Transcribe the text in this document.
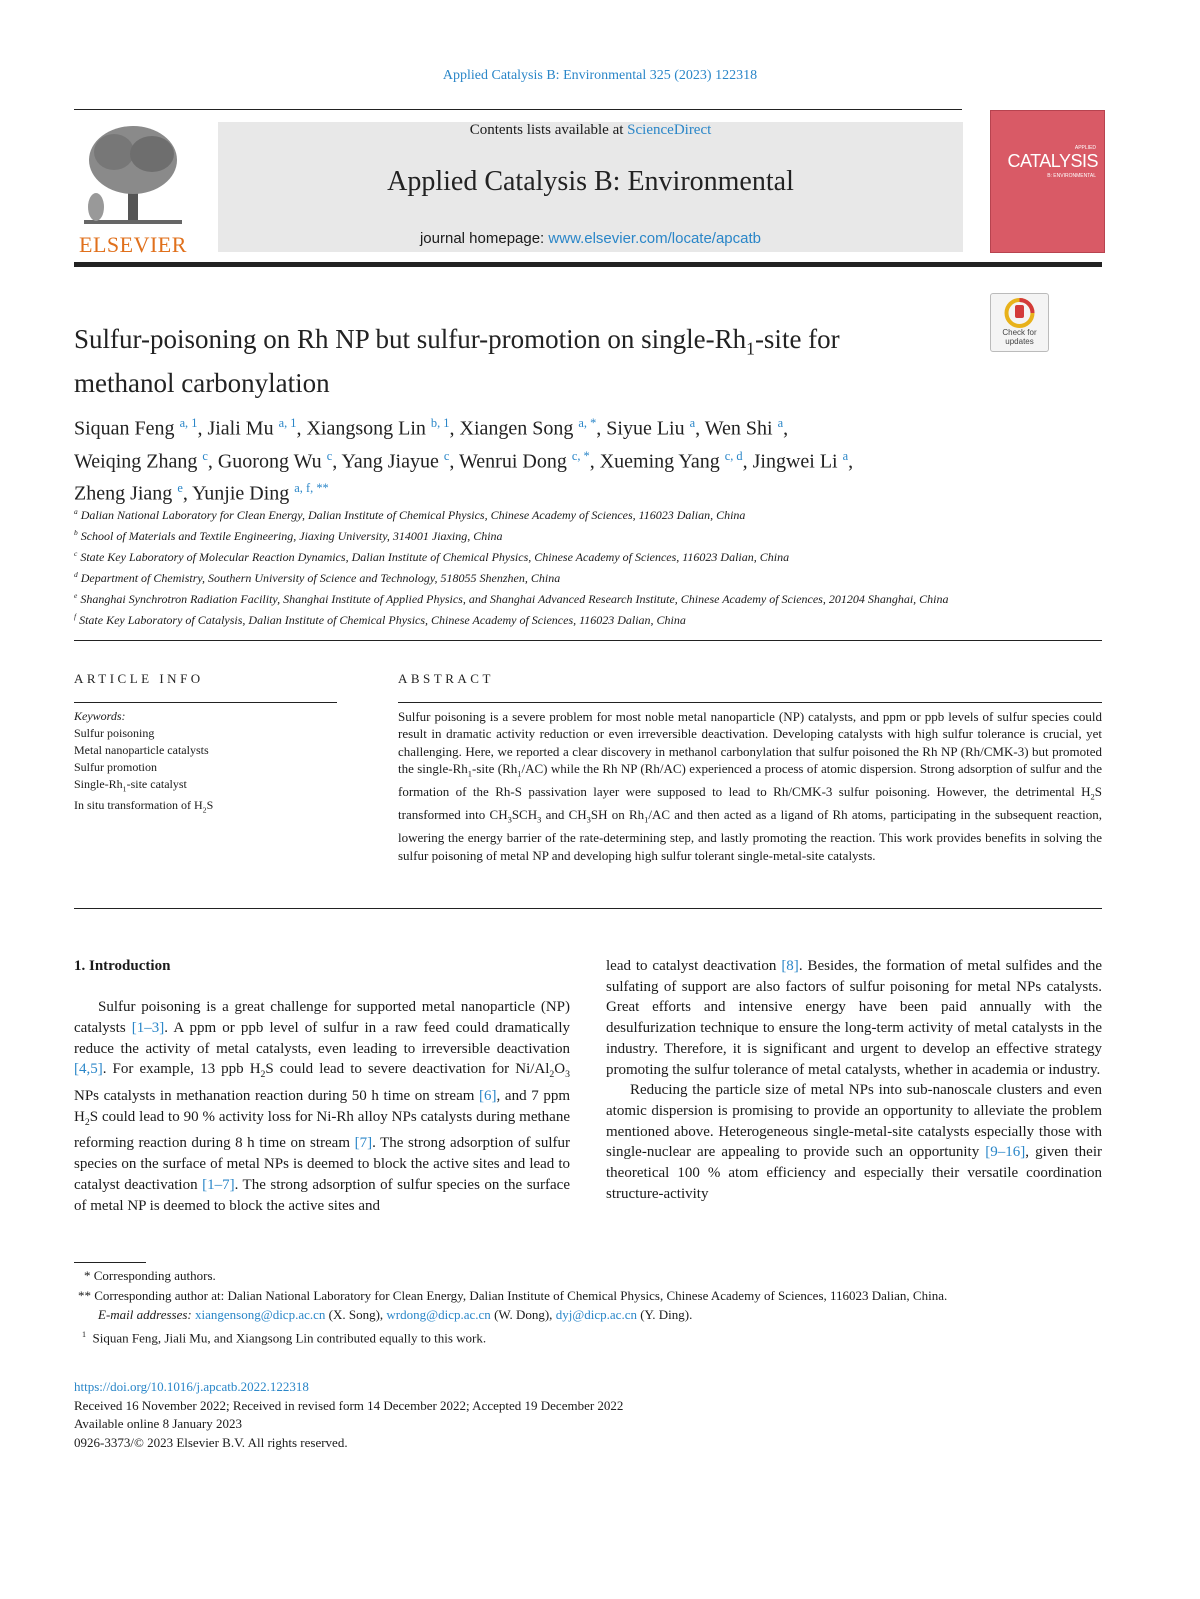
Applied Catalysis B: Environmental 325 (2023) 122318
ELSEVIER
Contents lists available at ScienceDirect
Applied Catalysis B: Environmental
journal homepage: www.elsevier.com/locate/apcatb
APPLIED
CATALYSIS
B: ENVIRONMENTAL
Check for updates
Sulfur-poisoning on Rh NP but sulfur-promotion on single-$Rh_1$-site for
methanol carbonylation
Siquan Feng $^{a, 1}$, Jiali Mu $^{a, 1}$, Xiangsong Lin $^{b, 1}$, Xiangen Song $^{a, *}$, Siyue Liu $^a$, Wen Shi $^a$,
Weiqing Zhang $^c$, Guorong Wu $^c$, Yang Jiayue $^c$, Wenrui Dong $^{c, *}$, Xueming Yang $^{c, d}$, Jingwei Li $^a$,
Zheng Jiang $^e$, Yunjie Ding $^{a, f, **}$
$^a$ Dalian National Laboratory for Clean Energy, Dalian Institute of Chemical Physics, Chinese Academy of Sciences, 116023 Dalian, China
$^b$ School of Materials and Textile Engineering, Jiaxing University, 314001 Jiaxing, China
$^c$ State Key Laboratory of Molecular Reaction Dynamics, Dalian Institute of Chemical Physics, Chinese Academy of Sciences, 116023 Dalian, China
$^d$ Department of Chemistry, Southern University of Science and Technology, 518055 Shenzhen, China
$^e$ Shanghai Synchrotron Radiation Facility, Shanghai Institute of Applied Physics, and Shanghai Advanced Research Institute, Chinese Academy of Sciences, 201204 Shanghai, China
$^f$ State Key Laboratory of Catalysis, Dalian Institute of Chemical Physics, Chinese Academy of Sciences, 116023 Dalian, China
ARTICLE INFO	ABSTRACT
Keywords:
Sulfur poisoning
Metal nanoparticle catalysts
Sulfur promotion
Single-$Rh_1$-site catalyst
In situ transformation of $H_2S$
Sulfur poisoning is a severe problem for most noble metal nanoparticle (NP) catalysts, and ppm or ppb levels of sulfur species could result in dramatic activity reduction or even irreversible deactivation. Developing catalysts with high sulfur tolerance is crucial, yet challenging. Here, we reported a clear discovery in methanol carbonylation that sulfur poisoned the Rh NP (Rh/CMK-3) but promoted the single-$Rh_1$-site $(Rh_1/AC)$ while the Rh NP (Rh/AC) experienced a process of atomic dispersion. Strong adsorption of sulfur and the formation of the Rh-S passivation layer were supposed to lead to Rh/CMK-3 sulfur poisoning. However, the detrimental $H_2S$ transformed into $CH_3SCH_3$ and $CH_3SH$ on $Rh_1/AC$ and then acted as a ligand of Rh atoms, participating in the subsequent reaction, lowering the energy barrier of the rate-determining step, and lastly promoting the reaction. This work provides benefits in solving the sulfur poisoning of metal NP and developing high sulfur tolerant single-metal-site catalysts.

1. Introduction

Sulfur poisoning is a great challenge for supported metal nanoparticle (NP) catalysts [1–3]. A ppm or ppb level of sulfur in a raw feed could dramatically reduce the activity of metal catalysts, even leading to irreversible deactivation [4,5]. For example, 13 ppb $H_2S$ could lead to severe deactivation for $Ni/Al_2O_3$ NPs catalysts in methanation reaction during 50 h time on stream [6], and 7 ppm $H_2S$ could lead to 90 % activity loss for Ni-Rh alloy NPs catalysts during methane reforming reaction during 8 h time on stream [7]. The strong adsorption of sulfur species on the surface of metal NPs is deemed to block the active sites and lead to catalyst deactivation [1–7]. The strong adsorption of sulfur species on the surface of metal NP is deemed to block the active sites and

lead to catalyst deactivation [8]. Besides, the formation of metal sulfides and the sulfating of support are also factors of sulfur poisoning for metal NPs catalysts. Great efforts and intensive energy have been paid annually with the desulfurization technique to ensure the long-term activity of metal catalysts in the industry. Therefore, it is significant and urgent to develop an effective strategy promoting the sulfur tolerance of metal catalysts, whether in academia or industry.

Reducing the particle size of metal NPs into sub-nanoscale clusters and even atomic dispersion is promising to provide an opportunity to alleviate the problem mentioned above. Heterogeneous single-metal-site catalysts especially those with single-nuclear are appealing to provide such an opportunity [9–16], given their theoretical 100 % atom efficiency and especially their versatile coordination structure-activity

* Corresponding authors.
** Corresponding author at: Dalian National Laboratory for Clean Energy, Dalian Institute of Chemical Physics, Chinese Academy of Sciences, 116023 Dalian, China.
E-mail addresses: xiangensong@dicp.ac.cn (X. Song), wrdong@dicp.ac.cn (W. Dong), dyj@dicp.ac.cn (Y. Ding).
$^1$ Siquan Feng, Jiali Mu, and Xiangsong Lin contributed equally to this work.
https://doi.org/10.1016/j.apcatb.2022.122318
Received 16 November 2022; Received in revised form 14 December 2022; Accepted 19 December 2022
Available online 8 January 2023
0926-3373/© 2023 Elsevier B.V. All rights reserved.
